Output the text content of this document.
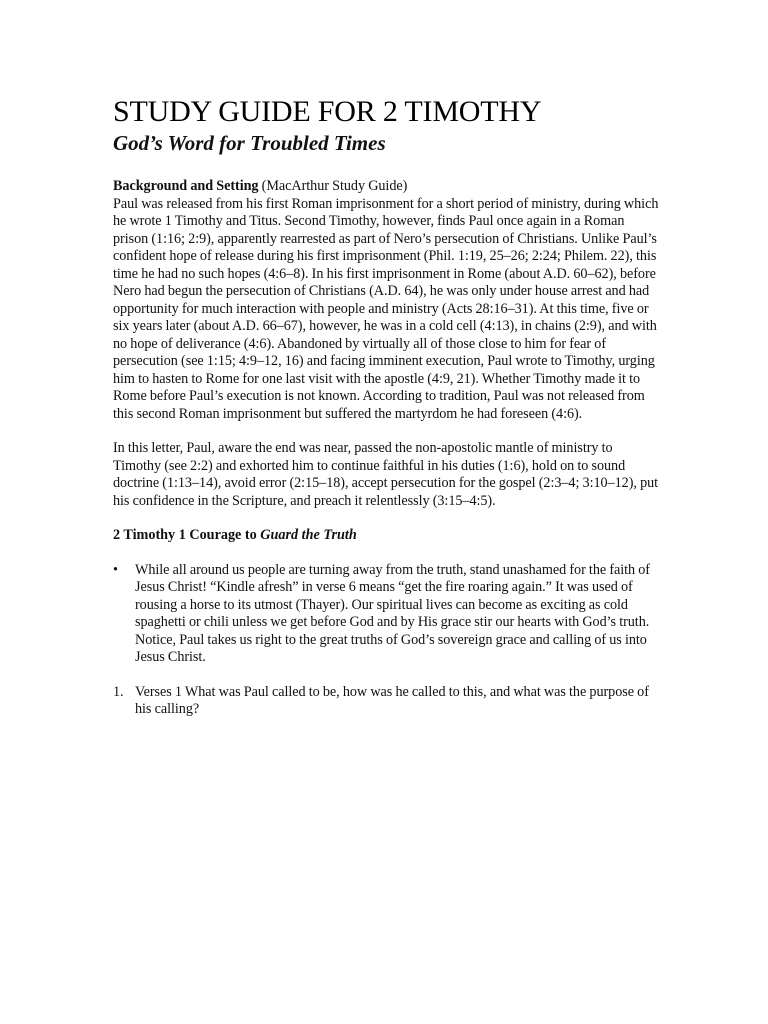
STUDY GUIDE FOR 2 TIMOTHY
God’s Word for Troubled Times

Background and Setting (MacArthur Study Guide)

Paul was released from his first Roman imprisonment for a short period of ministry, during which he wrote 1 Timothy and Titus. Second Timothy, however, finds Paul once again in a Roman prison (1:16; 2:9), apparently rearrested as part of Nero’s persecution of Christians. Unlike Paul’s confident hope of release during his first imprisonment (Phil. 1:19, 25–26; 2:24; Philem. 22), this time he had no such hopes (4:6–8). In his first imprisonment in Rome (about A.D. 60–62), before Nero had begun the persecution of Christians (A.D. 64), he was only under house arrest and had opportunity for much interaction with people and ministry (Acts 28:16–31). At this time, five or six years later (about A.D. 66–67), however, he was in a cold cell (4:13), in chains (2:9), and with no hope of deliverance (4:6). Abandoned by virtually all of those close to him for fear of persecution (see 1:15; 4:9–12, 16) and facing imminent execution, Paul wrote to Timothy, urging him to hasten to Rome for one last visit with the apostle (4:9, 21). Whether Timothy made it to Rome before Paul’s execution is not known. According to tradition, Paul was not released from this second Roman imprisonment but suffered the martyrdom he had foreseen (4:6).

In this letter, Paul, aware the end was near, passed the non-apostolic mantle of ministry to Timothy (see 2:2) and exhorted him to continue faithful in his duties (1:6), hold on to sound doctrine (1:13–14), avoid error (2:15–18), accept persecution for the gospel (2:3–4; 3:10–12), put his confidence in the Scripture, and preach it relentlessly (3:15–4:5).

2 Timothy 1 Courage to Guard the Truth

•	While all around us people are turning away from the truth, stand unashamed for the faith of Jesus Christ! “Kindle afresh” in verse 6 means “get the fire roaring again.” It was used of rousing a horse to its utmost (Thayer). Our spiritual lives can become as exciting as cold spaghetti or chili unless we get before God and by His grace stir our hearts with God’s truth. Notice, Paul takes us right to the great truths of God’s sovereign grace and calling of us into Jesus Christ.
1. Verses 1 What was Paul called to be, how was he called to this, and what was the purpose of his calling?
